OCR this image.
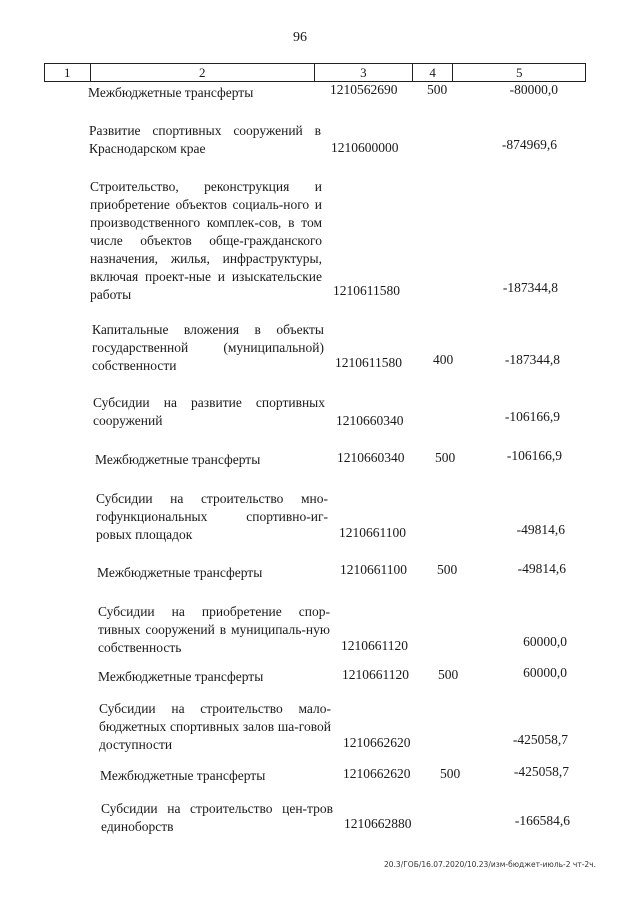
96
1	2	3	4	5
Межбюджетные трансферты	1210562690 500	-80000,0
Развитие спортивных сооружений в Краснодарском крае	1210600000	-874969,6
Строительство, реконструкция и приобретение объектов социаль-ного и производственного комплек-сов, в том числе объектов обще-гражданского назначения, жилья, инфраструктуры, включая проект-ные и изыскательские работы	1210611580	-187344,8
Капитальные вложения в объекты государственной (муниципальной) собственности	1210611580 400	-187344,8
Субсидии на развитие спортивных сооружений	1210660340	-106166,9
Межбюджетные трансферты	1210660340 500	-106166,9
Субсидии на строительство мно-гофункциональных спортивно-иг-ровых площадок	1210661100	-49814,6
Межбюджетные трансферты	1210661100 500	-49814,6
Субсидии на приобретение спор-тивных сооружений в муниципаль-ную собственность	1210661120	60000,0
Межбюджетные трансферты	1210661120 500	60000,0
Субсидии на строительство мало-бюджетных спортивных залов ша-говой доступности	1210662620	-425058,7
Межбюджетные трансферты	1210662620 500	-425058,7
Субсидии на строительство цен-тров единоборств	1210662880	-166584,6
20.3/ГОБ/16.07.2020/10.23/изм-бюджет-июль-2 чт-2ч.
